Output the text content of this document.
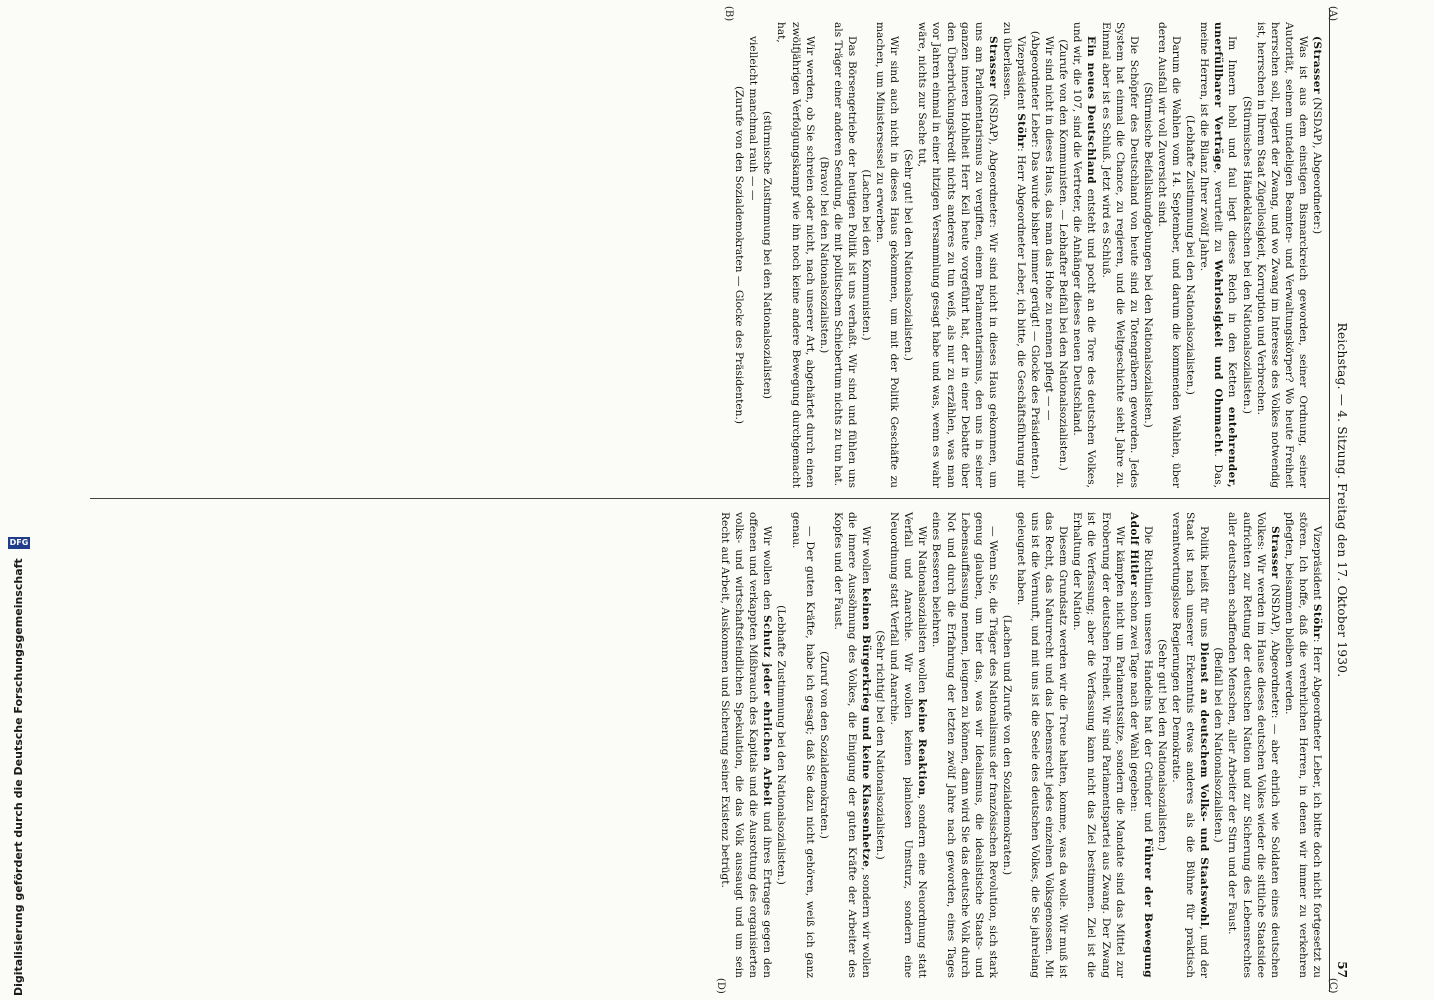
Reichstag. — 4. Sitzung. Freitag den 17. Oktober 1930.
57
(A)
(B)
(C)
(D)

(Strasser (NSDAP), Abgeordneter:)

Was ist aus dem einstigen Bismarckreich geworden, seiner Ordnung, seiner Autorität, seinem untadeligen Beamten- und Verwaltungskörper? Wo heute Freiheit herrschen soll, regiert der Zwang, und wo Zwang im Interesse des Volkes notwendig ist, herrschen in Ihrem Staat Zügellosigkeit, Korruption und Verbrechen.

(Stürmisches Händeklatschen bei den Nationalsozialisten.)

Im Innern hohl und faul liegt dieses Reich in den Ketten entehrender, unerfüllbarer Verträge, verurteilt zu Wehrlosigkeit und Ohnmacht. Das, meine Herren, ist die Bilanz Ihrer zwölf Jahre.

(Lebhafte Zustimmung bei den Nationalsozialisten.)

Darum die Wahlen vom 14. September, und darum die kommenden Wahlen, über deren Ausfall wir voll Zuversicht sind.

(Stürmische Beifallskundgebungen bei den Nationalsozialisten.)

Die Schöpfer des Deutschland von heute sind zu Totengräbern geworden. Jedes System hat einmal die Chance, zu regieren, und die Weltgeschichte sieht Jahre zu. Einmal aber ist es Schluß. Jetzt wird es Schluß.

Ein neues Deutschland entsteht und pocht an die Tore des deutschen Volkes, und wir, die 107, sind die Vertreter, die Anhänger dieses neuen Deutschland.

(Zurufe von den Kommunisten. — Lebhafter Beifall bei den Nationalsozialisten.)

Wir sind nicht in dieses Haus, das man das Hohe zu nennen pflegt — —

(Abgeordneter Leber: Das wurde bisher immer gerügt! — Glocke des Präsidenten.)

Vizepräsident Stöhr: Herr Abgeordneter Leber, ich bitte, die Geschäftsführung mir zu überlassen.

Strasser (NSDAP), Abgeordneter: Wir sind nicht in dieses Haus gekommen, um uns am Parlamentarismus zu vergiften, einem Parlamentarismus, den uns in seiner ganzen inneren Hohlheit Herr Keil heute vorgeführt hat, der in einer Debatte über den Überbrückungskredit nichts anderes zu tun weiß, als nur zu erzählen, was man vor Jahren einmal in einer hitzigen Versammlung gesagt habe und was, wenn es wahr wäre, nichts zur Sache tut,

(Sehr gut! bei den Nationalsozialisten.)

Wir sind auch nicht in dieses Haus gekommen, um mit der Politik Geschäfte zu machen, um Ministersessel zu erwerben.

(Lachen bei den Kommunisten.)

Das Börsengetriebe der heutigen Politik ist uns verhaßt. Wir sind und fühlen uns als Träger einer anderen Sendung, die mit politischem Schiebertum nichts zu tun hat.

(Bravo! bei den Nationalsozialisten.)

Wir werden, ob Sie schreien oder nicht, nach unserer Art, abgehärtet durch einen zwölfjährigen Verfolgungskampf wie ihn noch keine andere Bewegung durchgemacht hat,

(stürmische Zustimmung bei den Nationalsozialisten)

vielleicht manchmal rauh — —

(Zurufe von den Sozialdemokraten — Glocke des Präsidenten.)

Vizepräsident Stöhr: Herr Abgeordneter Leber, ich bitte doch nicht fortgesetzt zu stören. Ich hoffe, daß die verehrlichen Herren, in denen wir immer zu verkehren pflegten, beisammen bleiben werden.

Strasser (NSDAP), Abgeordneter: — aber ehrlich wie Soldaten eines deutschen Volkes: Wir werden im Hause dieses deutschen Volkes wieder die sittliche Staatsidee aufrichten zur Rettung der deutschen Nation und zur Sicherung des Lebensrechtes aller deutschen schaffenden Menschen, aller Arbeiter der Stirn und der Faust.

(Beifall bei den Nationalsozialisten.)

Politik heißt für uns Dienst an deutschem Volks- und Staatswohl, und der Staat ist nach unserer Erkenntnis etwas anderes als die Bühne für praktisch verantwortungslose Regierungen der Demokratie.

(Sehr gut! bei den Nationalsozialisten.)

Die Richtlinien unseres Handelns hat der Gründer und Führer der Bewegung Adolf Hitler schon zwei Tage nach der Wahl gegeben:

Wir kämpfen nicht um Parlamentssitze, sondern die Mandate sind das Mittel zur Eroberung der deutschen Freiheit. Wir sind Parlamentspartei aus Zwang. Der Zwang ist die Verfassung; aber die Verfassung kann nicht das Ziel bestimmen. Ziel ist die Erhaltung der Nation.

Diesem Grundsatz werden wir die Treue halten, komme, was da wolle. Wir muß ist das Recht, das Naturrecht und das Lebensrecht jedes einzelnen Volksgenossen. Mit uns ist die Vernunft, und mit uns ist die Seele des deutschen Volkes, die Sie jahrelang geleugnet haben.

(Lachen und Zurufe von den Sozialdemokraten.)

— Wenn Sie, die Träger des Nationalismus der französischen Revolution, sich stark genug glauben, um hier das, was wir Idealismus, die idealistische Staats- und Lebensauffassung nennen, leugnen zu können, dann wird Sie das deutsche Volk durch Not und durch die Erfahrung der letzten zwölf Jahre nach geworden, eines Tages eines Besseren belehren.

Wir Nationalsozialisten wollen keine Reaktion, sondern eine Neuordnung statt Verfall und Anarchie. Wir wollen keinen planlosen Umsturz, sondern eine Neuordnung statt Verfall und Anarchie.

(Sehr richtig! bei den Nationalsozialisten.)

Wir wollen keinen Bürgerkrieg und keine Klassenhetze, sondern wir wollen die innere Aussöhnung des Volkes, die Einigung der guten Kräfte der Arbeiter des Kopfes und der Faust.

(Zuruf von den Sozialdemokraten.)

— Der guten Kräfte, habe ich gesagt; daß Sie dazu nicht gehören, weiß ich ganz genau.

(Lebhafte Zustimmung bei den Nationalsozialisten.)

Wir wollen den Schutz jeder ehrlichen Arbeit und ihres Ertrages gegen den offenen und verkappten Mißbrauch des Kapitals und die Ausrottung des organisierten volks- und wirtschaftsfeindlichen Spekulation, die das Volk aussaugt und um sein Recht auf Arbeit, Auskommen und Sicherung seiner Existenz betrügt.

Digitalisierung gefördert durch die Deutsche Forschungsgemeinschaft
DFG
